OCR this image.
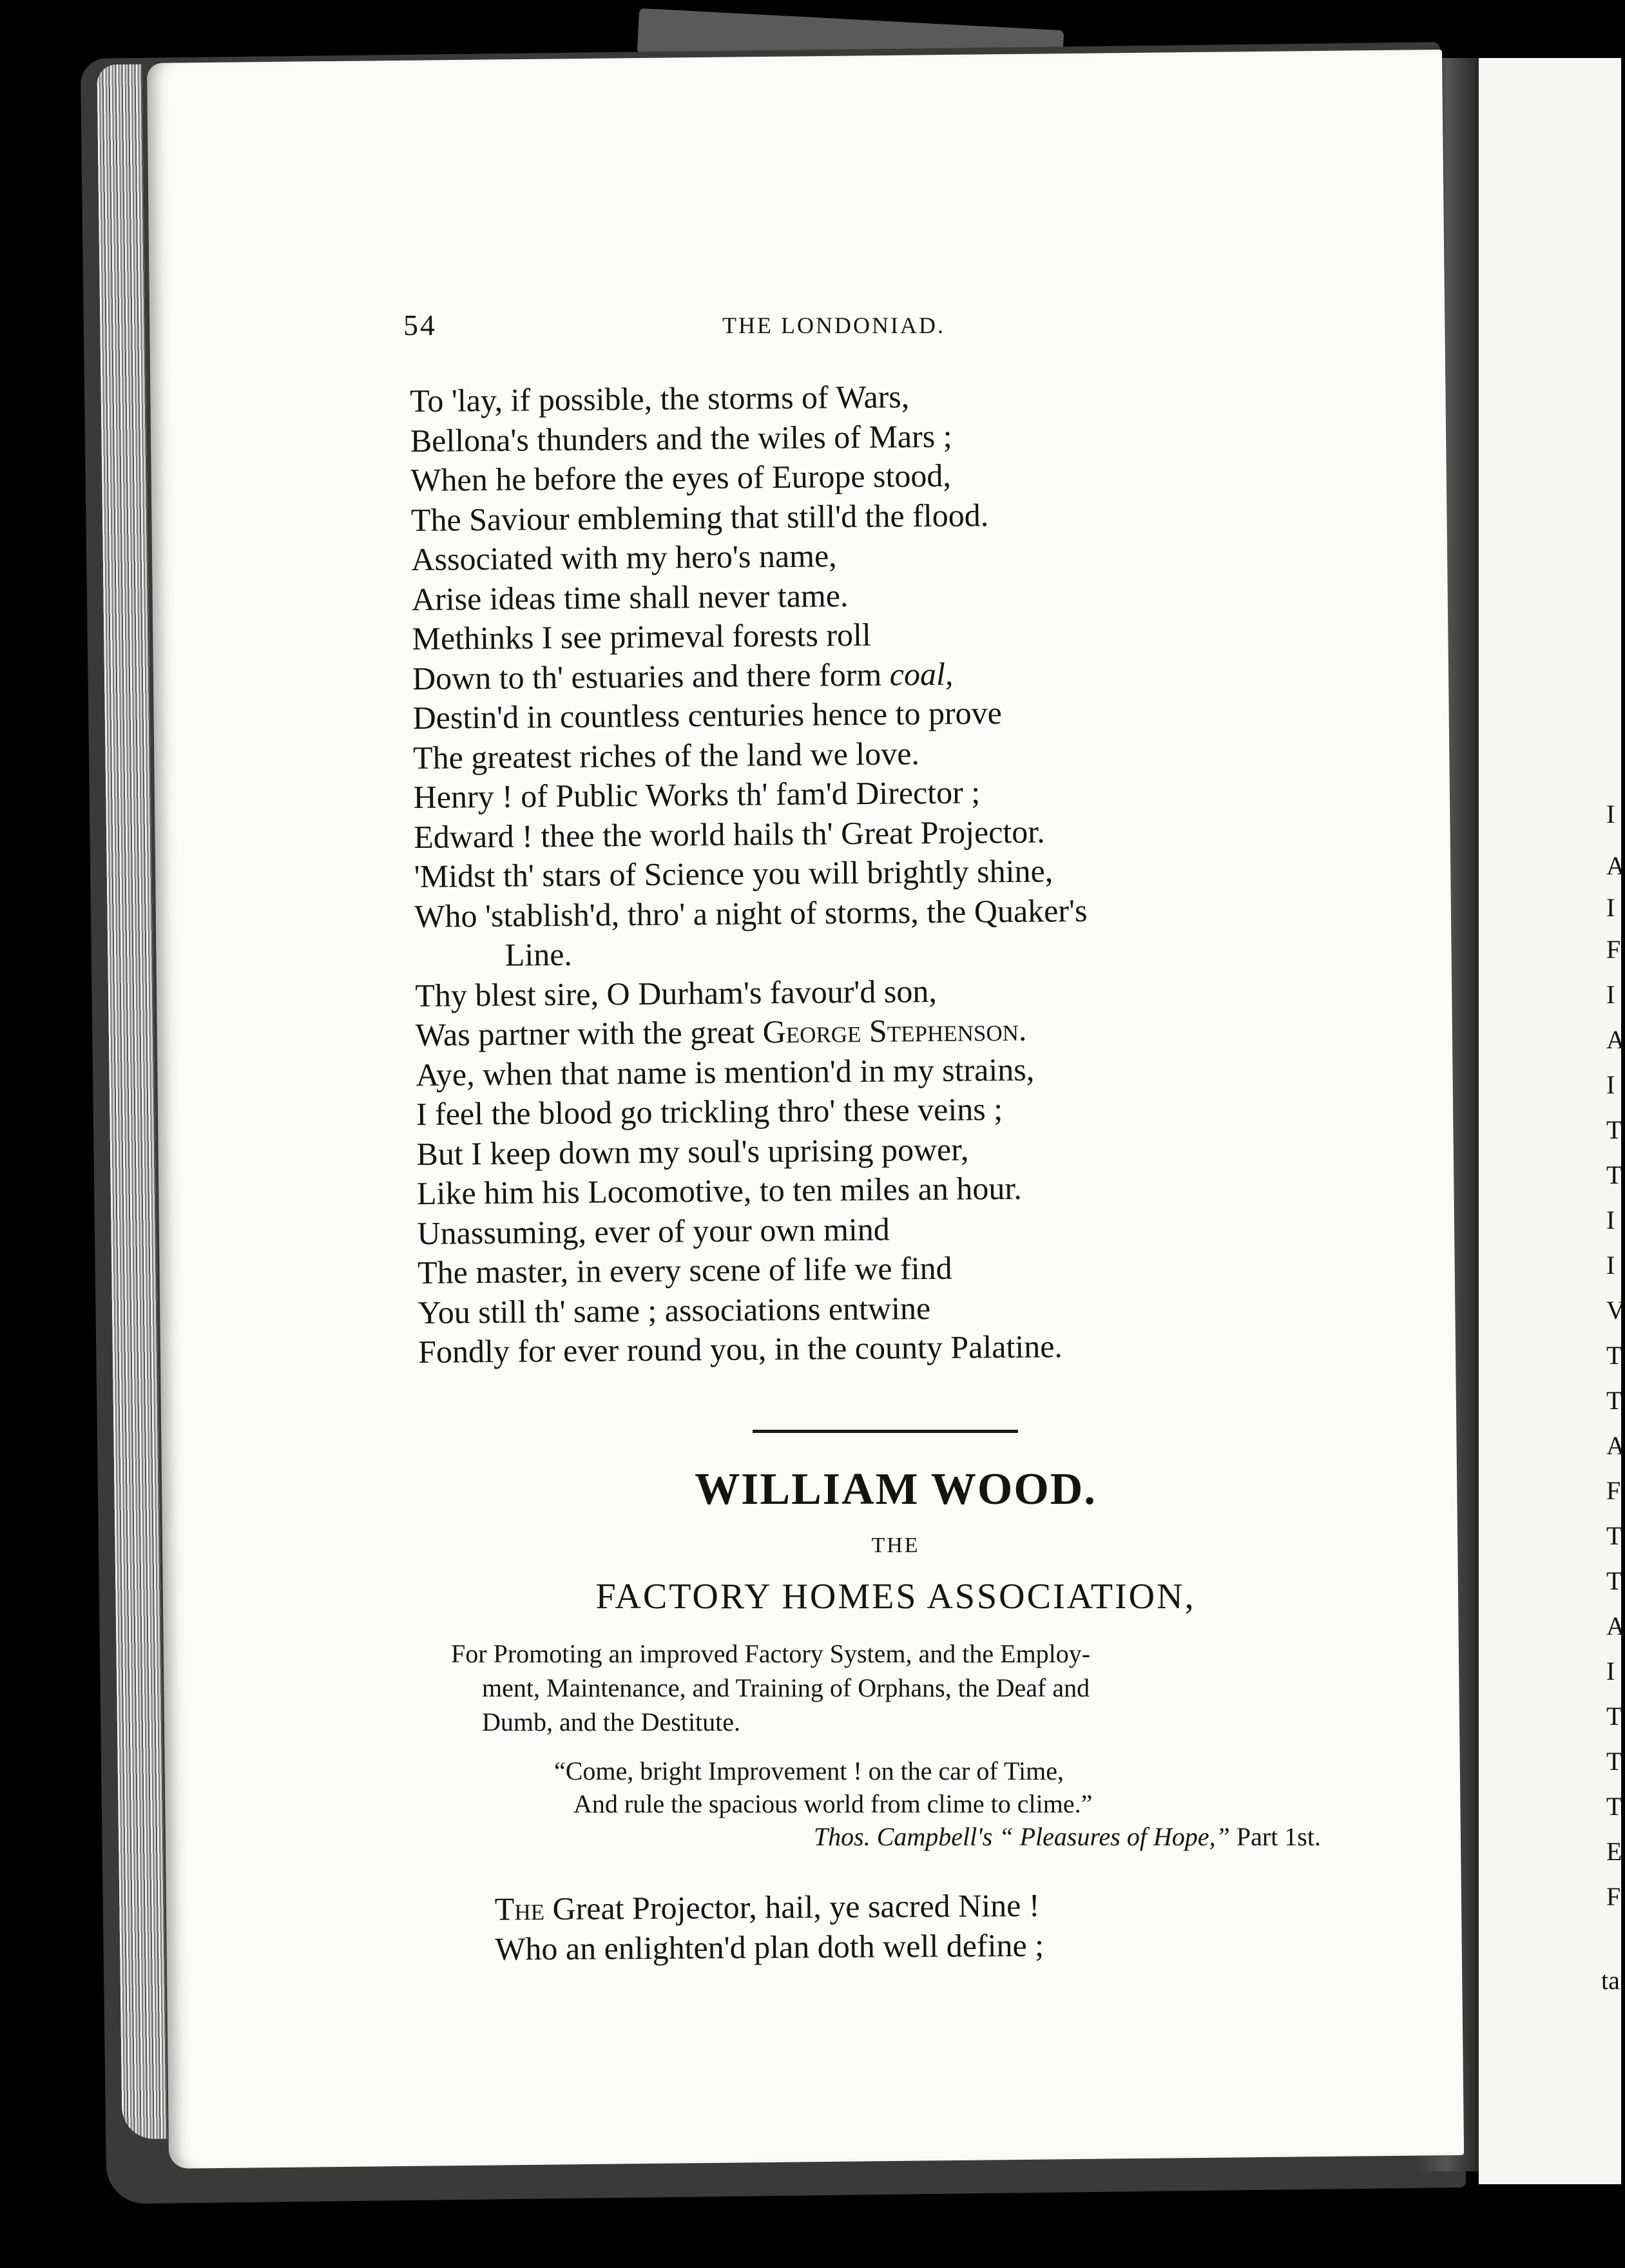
I
A
I
F
I
A
I
T
T
I
I
V
T
T
A
F
T
T
A
I
T
T
T
E
F
ta
54	THE LONDONIAD.
To 'lay, if possible, the storms of Wars,
Bellona's thunders and the wiles of Mars ;
When he before the eyes of Europe stood,
The Saviour embleming that still'd the flood.
Associated with my hero's name,
Arise ideas time shall never tame.
Methinks I see primeval forests roll
Down to th' estuaries and there form coal,
Destin'd in countless centuries hence to prove
The greatest riches of the land we love.
Henry ! of Public Works th' fam'd Director ;
Edward ! thee the world hails th' Great Projector.
'Midst th' stars of Science you will brightly shine,
Who 'stablish'd, thro' a night of storms, the Quaker's
Line.
Thy blest sire, O Durham's favour'd son,
Was partner with the great George Stephenson.
Aye, when that name is mention'd in my strains,
I feel the blood go trickling thro' these veins ;
But I keep down my soul's uprising power,
Like him his Locomotive, to ten miles an hour.
Unassuming, ever of your own mind
The master, in every scene of life we find
You still th' same ; associations entwine
Fondly for ever round you, in the county Palatine.
WILLIAM WOOD.
THE
FACTORY HOMES ASSOCIATION,
For Promoting an improved Factory System, and the Employ-
ment, Maintenance, and Training of Orphans, the Deaf and
Dumb, and the Destitute.
“Come, bright Improvement ! on the car of Time,
And rule the spacious world from clime to clime.”
Thos. Campbell's “ Pleasures of Hope,” Part 1st.
The Great Projector, hail, ye sacred Nine !
Who an enlighten'd plan doth well define ;
